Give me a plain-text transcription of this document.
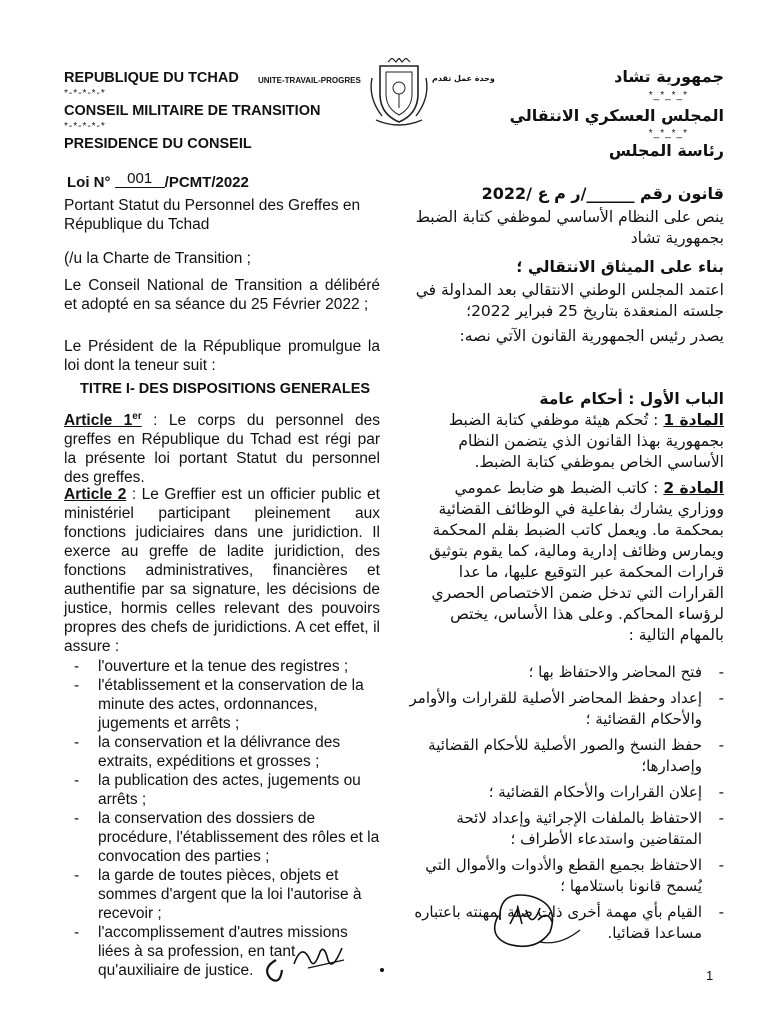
REPUBLIQUE DU TCHAD
*-*-*-*-*
CONSEIL MILITAIRE DE TRANSITION
*-*-*-*-*
PRESIDENCE DU CONSEIL
UNITE-TRAVAIL-PROGRES	وحدة عمل تقدم	جمهورية تشاد
*_*_*_*
المجلس العسكري الانتقالي
*_*_*_*
رئاسة المجلس
Loi N° 001 /PCMT/2022
Portant Statut du Personnel des Greffes en République du Tchad
قانون رقم ______/ر م ع /2022
ينص على النظام الأساسي لموظفي كتابة الضبط بجمهورية تشاد
(/u la Charte de Transition ;
Le Conseil National de Transition a délibéré et adopté en sa séance du 25 Février 2022 ;
Le Président de la République promulgue la loi dont la teneur suit :
بناء على الميثاق الانتقالي ؛
اعتمد المجلس الوطني الانتقالي بعد المداولة في جلسته المنعقدة بتاريخ 25 فبراير 2022؛
يصدر رئيس الجمهورية القانون الآتي نصه:
TITRE I- DES DISPOSITIONS GENERALES
الباب الأول : أحكام عامة
Article 1er : Le corps du personnel des greffes en République du Tchad est régi par la présente loi portant Statut du personnel des greffes.
Article 2 : Le Greffier est un officier public et ministériel participant pleinement aux fonctions judiciaires dans une juridiction. Il exerce au greffe de ladite juridiction, des fonctions administratives, financières et authentifie par sa signature, les décisions de justice, hormis celles relevant des pouvoirs propres des chefs de juridictions. A cet effet, il assure :
- l'ouverture et la tenue des registres ;
- l'établissement et la conservation de la minute des actes, ordonnances, jugements et arrêts ;
- la conservation et la délivrance des extraits, expéditions et grosses ;
- la publication des actes, jugements ou arrêts ;
- la conservation des dossiers de procédure, l'établissement des rôles et la convocation des parties ;
- la garde de toutes pièces, objets et sommes d'argent que la loi l'autorise à recevoir ;
- l'accomplissement d'autres missions liées à sa profession, en tant qu'auxiliaire de justice.
المادة 1 : تُحكم هيئة موظفي كتابة الضبط بجمهورية بهذا القانون الذي يتضمن النظام الأساسي الخاص بموظفي كتابة الضبط.
المادة 2 : كاتب الضبط هو ضابط عمومي ووزاري يشارك بفاعلية في الوظائف القضائية بمحكمة ما. ويعمل كاتب الضبط بقلم المحكمة ويمارس وظائف إدارية ومالية، كما يقوم بتوثيق قرارات المحكمة عبر التوقيع عليها، ما عدا القرارات التي تدخل ضمن الاختصاص الحصري لرؤساء المحاكم. وعلى هذا الأساس، يختص بالمهام التالية :
- فتح المحاضر والاحتفاظ بها ؛
- إعداد وحفظ المحاضر الأصلية للقرارات والأوامر والأحكام القضائية ؛
- حفظ النسخ والصور الأصلية للأحكام القضائية وإصدارها؛
- إعلان القرارات والأحكام القضائية ؛
- الاحتفاظ بالملفات الإجرائية وإعداد لائحة المتقاضين واستدعاء الأطراف ؛
- الاحتفاظ بجميع القطع والأدوات والأموال التي يُسمح قانونا باستلامها ؛
- القيام بأي مهمة أخرى ذات صلة بمهنته باعتباره مساعدا قضائيا.
1
